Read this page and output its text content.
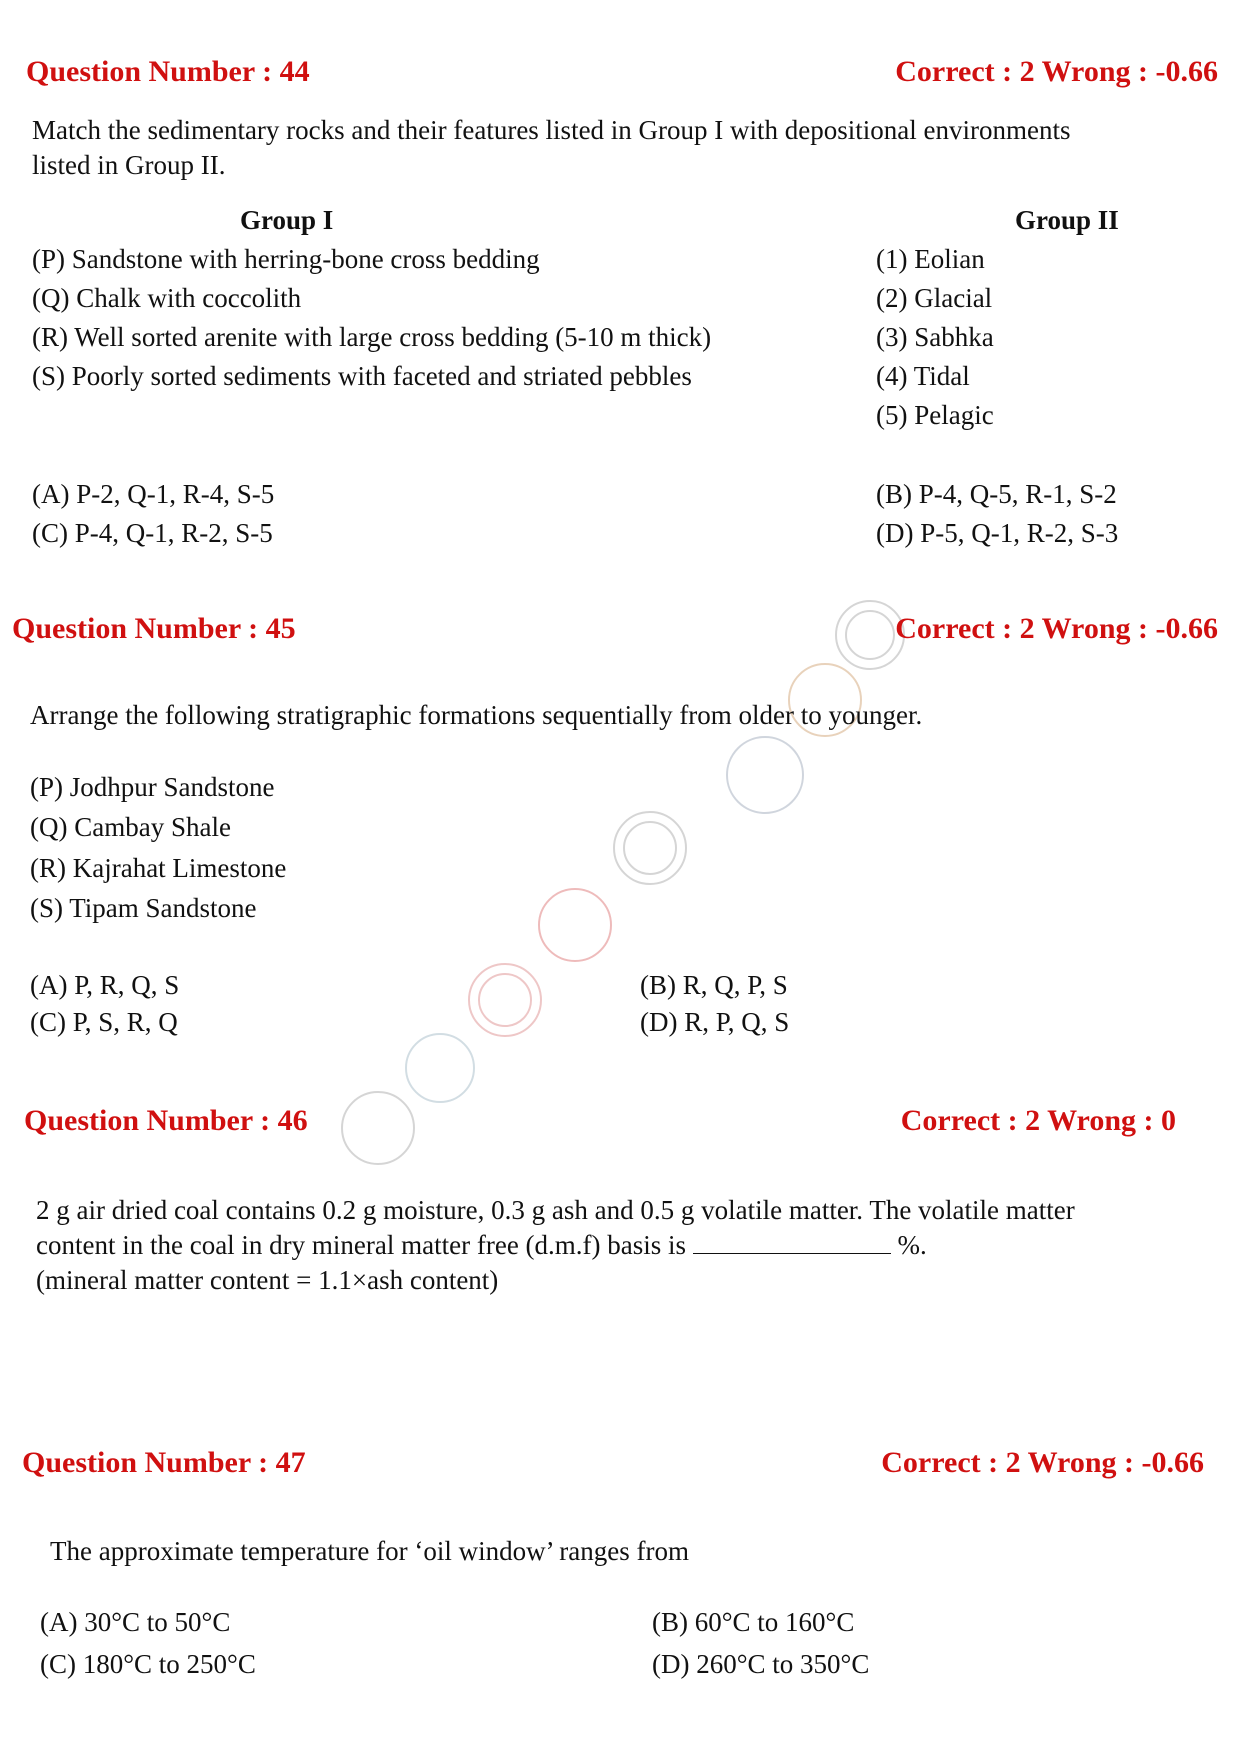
Question Number : 44	Correct : 2 Wrong : -0.66
Match the sedimentary rocks and their features listed in Group I with depositional environments
listed in Group II.
Group I	Group II
(P) Sandstone with herring-bone cross bedding
(Q) Chalk with coccolith
(R) Well sorted arenite with large cross bedding (5-10 m thick)
(S) Poorly sorted sediments with faceted and striated pebbles
(1) Eolian
(2) Glacial
(3) Sabhka
(4) Tidal
(5) Pelagic
(A) P-2, Q-1, R-4, S-5	(B) P-4, Q-5, R-1, S-2
(C) P-4, Q-1, R-2, S-5	(D) P-5, Q-1, R-2, S-3
Question Number : 45	Correct : 2 Wrong : -0.66
Arrange the following stratigraphic formations sequentially from older to younger.
(P) Jodhpur Sandstone
(Q) Cambay Shale
(R) Kajrahat Limestone
(S) Tipam Sandstone
(A) P, R, Q, S	(B) R, Q, P, S
(C) P, S, R, Q	(D) R, P, Q, S
Question Number : 46	Correct : 2 Wrong : 0
2 g air dried coal contains 0.2 g moisture, 0.3 g ash and 0.5 g volatile matter. The volatile matter
content in the coal in dry mineral matter free (d.m.f) basis is	%.
(mineral matter content = 1.1×ash content)
Question Number : 47	Correct : 2 Wrong : -0.66
The approximate temperature for ‘oil window’ ranges from
(A) 30°C to 50°C	(B) 60°C to 160°C
(C) 180°C to 250°C	(D) 260°C to 350°C
